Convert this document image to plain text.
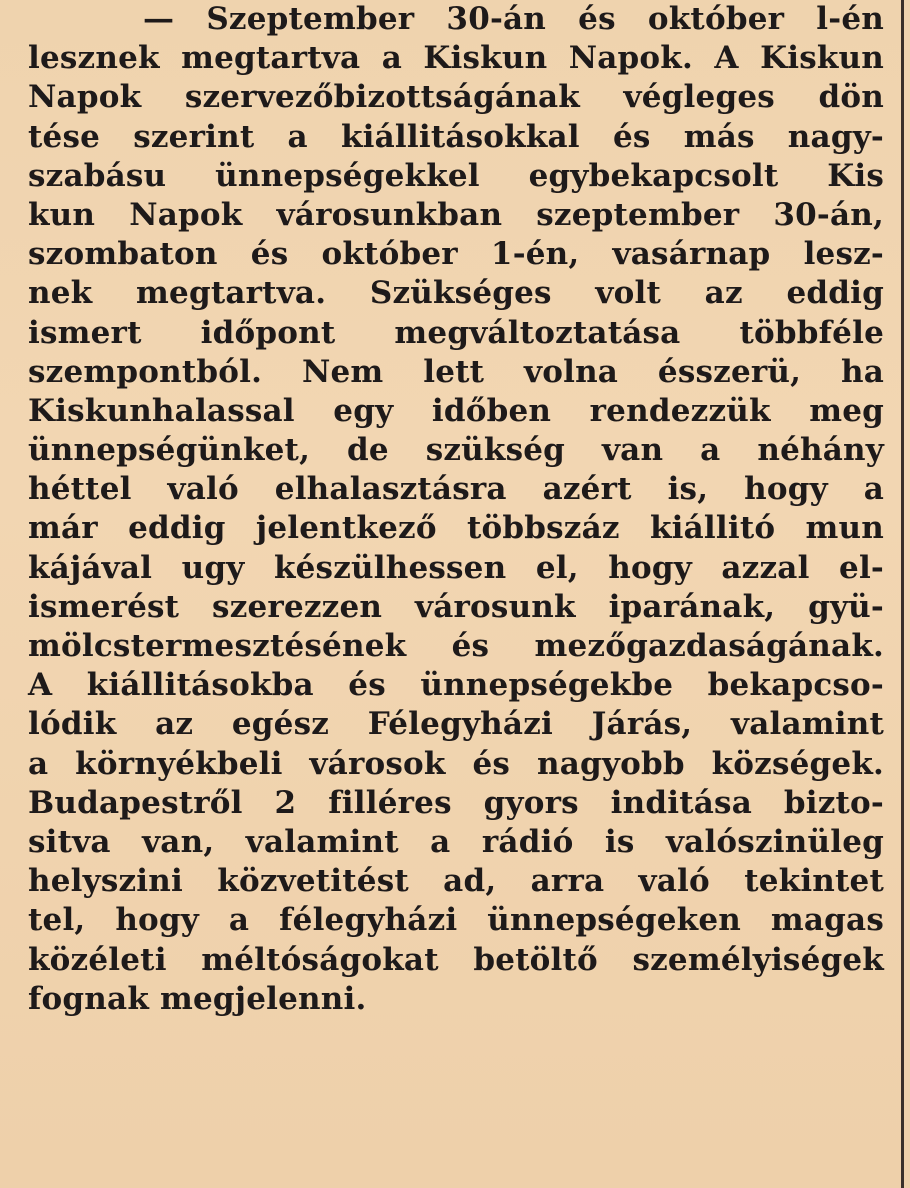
— Szeptember 30-án és október l-én
lesznek megtartva a Kiskun Napok. A Kiskun
Napok szervezőbizottságának végleges dön
tése szerint a kiállitásokkal és más nagy-
szabásu ünnepségekkel egybekapcsolt Kis
kun Napok városunkban szeptember 30-án,
szombaton és október 1-én, vasárnap lesz-
nek megtartva. Szükséges volt az eddig
ismert időpont megváltoztatása többféle
szempontból. Nem lett volna ésszerü, ha
Kiskunhalassal egy időben rendezzük meg
ünnepségünket, de szükség van a néhány
héttel való elhalasztásra azért is, hogy a
már eddig jelentkező többszáz kiállitó mun
kájával ugy készülhessen el, hogy azzal el-
ismerést szerezzen városunk iparának, gyü-
mölcstermesztésének és mezőgazdaságának.
A kiállitásokba és ünnepségekbe bekapcso-
lódik az egész Félegyházi Járás, valamint
a környékbeli városok és nagyobb községek.
Budapestről 2 filléres gyors inditása bizto-
sitva van, valamint a rádió is valószinüleg
helyszini közvetitést ad, arra való tekintet
tel, hogy a félegyházi ünnepségeken magas
közéleti méltóságokat betöltő személyiségek
fognak megjelenni.
